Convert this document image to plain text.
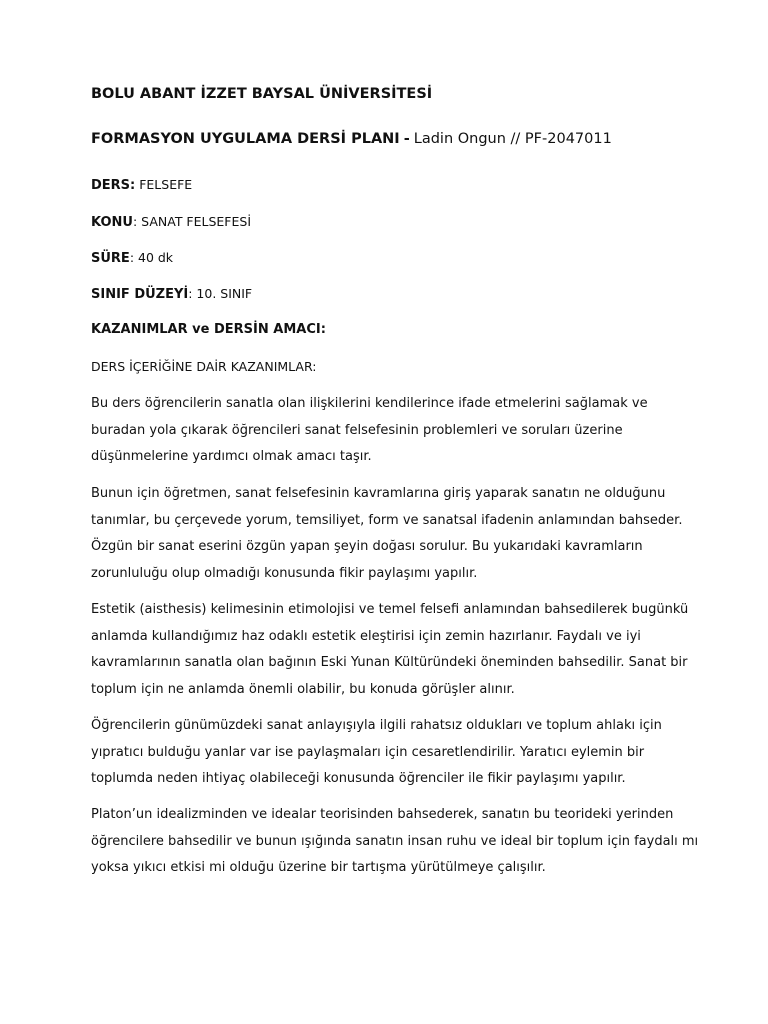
BOLU ABANT İZZET BAYSAL ÜNİVERSİTESİ
FORMASYON UYGULAMA DERSİ PLANI - Ladin Ongun // PF-2047011
DERS: FELSEFE
KONU: SANAT FELSEFESİ
SÜRE: 40 dk
SINIF DÜZEYİ: 10. SINIF
KAZANIMLAR ve DERSİN AMACI:
DERS İÇERİĞİNE DAİR KAZANIMLAR:
Bu ders öğrencilerin sanatla olan ilişkilerini kendilerince ifade etmelerini sağlamak ve
buradan yola çıkarak öğrencileri sanat felsefesinin problemleri ve soruları üzerine
düşünmelerine yardımcı olmak amacı taşır.
Bunun için öğretmen, sanat felsefesinin kavramlarına giriş yaparak sanatın ne olduğunu
tanımlar, bu çerçevede yorum, temsiliyet, form ve sanatsal ifadenin anlamından bahseder.
Özgün bir sanat eserini özgün yapan şeyin doğası sorulur. Bu yukarıdaki kavramların
zorunluluğu olup olmadığı konusunda fikir paylaşımı yapılır.
Estetik (aisthesis) kelimesinin etimolojisi ve temel felsefi anlamından bahsedilerek bugünkü
anlamda kullandığımız haz odaklı estetik eleştirisi için zemin hazırlanır. Faydalı ve iyi
kavramlarının sanatla olan bağının Eski Yunan Kültüründeki öneminden bahsedilir. Sanat bir
toplum için ne anlamda önemli olabilir, bu konuda görüşler alınır.
Öğrencilerin günümüzdeki sanat anlayışıyla ilgili rahatsız oldukları ve toplum ahlakı için
yıpratıcı bulduğu yanlar var ise paylaşmaları için cesaretlendirilir. Yaratıcı eylemin bir
toplumda neden ihtiyaç olabileceği konusunda öğrenciler ile fikir paylaşımı yapılır.
Platon’un idealizminden ve idealar teorisinden bahsederek, sanatın bu teorideki yerinden
öğrencilere bahsedilir ve bunun ışığında sanatın insan ruhu ve ideal bir toplum için faydalı mı
yoksa yıkıcı etkisi mi olduğu üzerine bir tartışma yürütülmeye çalışılır.
